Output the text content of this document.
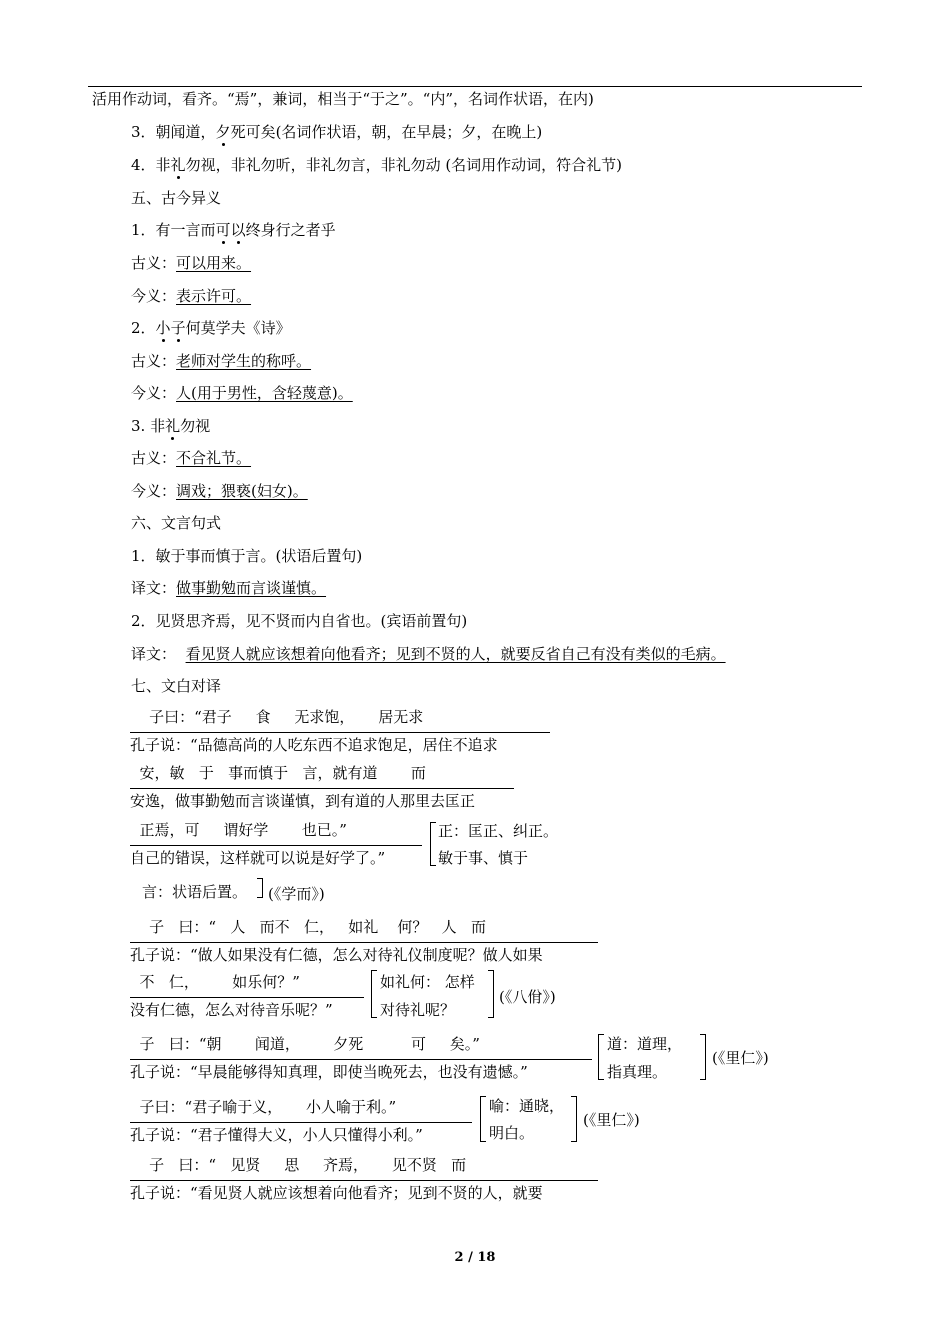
活用作动词，看齐。“焉”，兼词，相当于“于之”。“内”，名词作状语，在内)
3．朝闻道，夕死可矣(名词作状语，朝，在早晨；夕，在晚上)
4．非礼勿视，非礼勿听，非礼勿言，非礼勿动 (名词用作动词，符合礼节)
五、古今异义
1．有一言而可以终身行之者乎
古义：可以用来。
今义：表示许可。
2．小子何莫学夫《诗》
古义：老师对学生的称呼。
今义：人(用于男性，含轻蔑意)。
3. 非礼勿视
古义：不合礼节。
今义：调戏；猥亵(妇女)。
六、文言句式
1．敏于事而慎于言。(状语后置句)
译文：做事勤勉而言谈谨慎。
2．见贤思齐焉，见不贤而内自省也。(宾语前置句)
译文： 看见贤人就应该想着向他看齐；见到不贤的人，就要反省自己有没有类似的毛病。
七、文白对译
子曰：“君子     食     无求饱，     居无求
孔子说：“品德高尚的人吃东西不追求饱足，居住不追求
安，敏   于   事而慎于   言，就有道       而
安逸，做事勤勉而言谈谨慎，到有道的人那里去匡正
正焉，可     谓好学       也已。”
自己的错误，这样就可以说是好学了。”
正：匡正、纠正。
敏于事、慎于
言：状语后置。 (《学而》)
子   曰：“   人   而不   仁，   如礼    何？   人   而
孔子说：“做人如果没有仁德，怎么对待礼仪制度呢？做人如果
不   仁，       如乐何？”
没有仁德，怎么对待音乐呢？”
如礼何： 怎样
对待礼呢？
(《八佾》)
子   曰：“朝       闻道，       夕死          可     矣。”
孔子说：“早晨能够得知真理，即使当晚死去，也没有遗憾。”
道：道理，
指真理。
(《里仁》)
子曰：“君子喻于义，     小人喻于利。”
孔子说：“君子懂得大义，小人只懂得小利。”
喻：通晓，
明白。
(《里仁》)
子   曰：“   见贤     思     齐焉，     见不贤   而
孔子说：“看见贤人就应该想着向他看齐；见到不贤的人，就要
2 / 18
